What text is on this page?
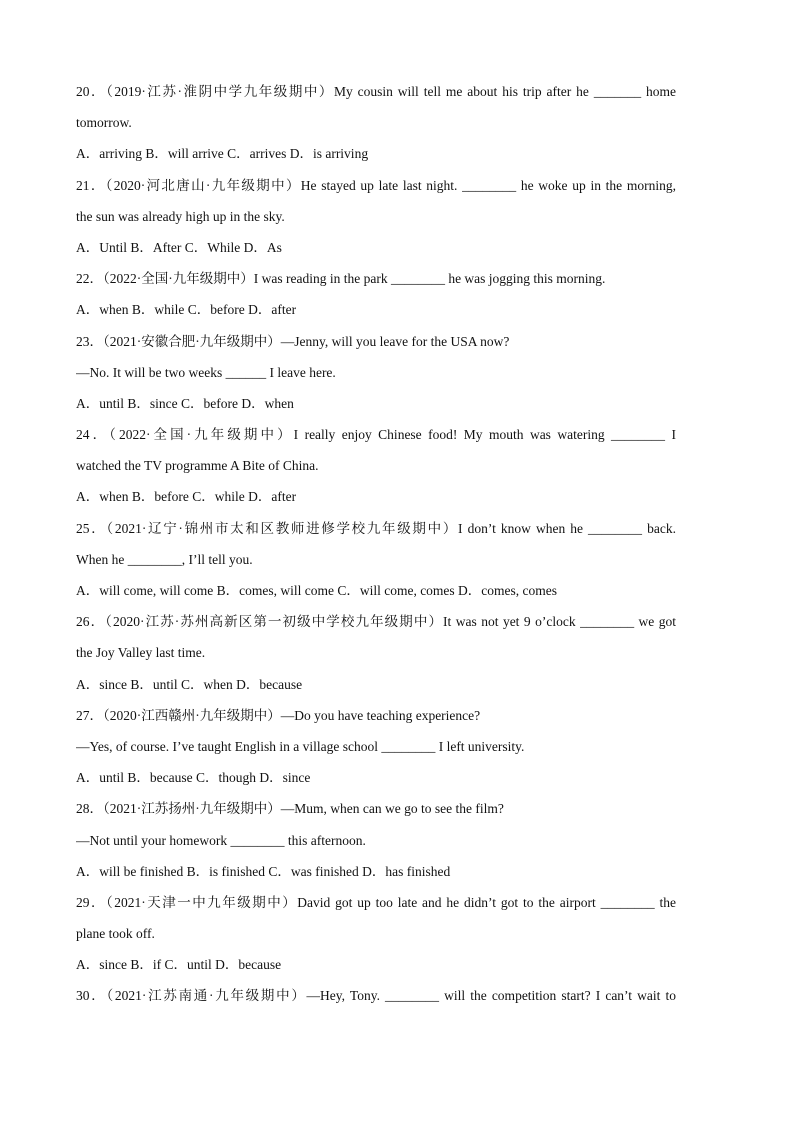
20．（2019·江苏·淮阴中学九年级期中）My cousin will tell me about his trip after he _______ home
tomorrow.
A．arriving B．will arrive C．arrives D．is arriving
21．（2020·河北唐山·九年级期中）He stayed up late last night. ________ he woke up in the morning,
the sun was already high up in the sky.
A．Until B．After C．While D．As
22．（2022·全国·九年级期中）I was reading in the park ________ he was jogging this morning.
A．when B．while C．before D．after
23．（2021·安徽合肥·九年级期中）—Jenny, will you leave for the USA now?
—No. It will be two weeks ______ I leave here.
A．until B．since C．before D．when
24．（2022·全国·九年级期中）I really enjoy Chinese food! My mouth was watering ________ I
watched the TV programme A Bite of China.
A．when B．before C．while D．after
25．（2021·辽宁·锦州市太和区教师进修学校九年级期中）I don’t know when he ________ back.
When he ________, I’ll tell you.
A．will come, will come B．comes, will come C．will come, comes D．comes, comes
26．（2020·江苏·苏州高新区第一初级中学校九年级期中）It was not yet 9 o’clock ________ we got
the Joy Valley last time.
A．since B．until C．when D．because
27．（2020·江西赣州·九年级期中）—Do you have teaching experience?
—Yes, of course. I’ve taught English in a village school ________ I left university.
A．until B．because C．though D．since
28．（2021·江苏扬州·九年级期中）—Mum, when can we go to see the film?
—Not until your homework ________ this afternoon.
A．will be finished B．is finished C．was finished D．has finished
29．（2021·天津一中九年级期中）David got up too late and he didn’t got to the airport ________ the
plane took off.
A．since B．if C．until D．because
30．（2021·江苏南通·九年级期中）—Hey, Tony. ________ will the competition start? I can’t wait to
